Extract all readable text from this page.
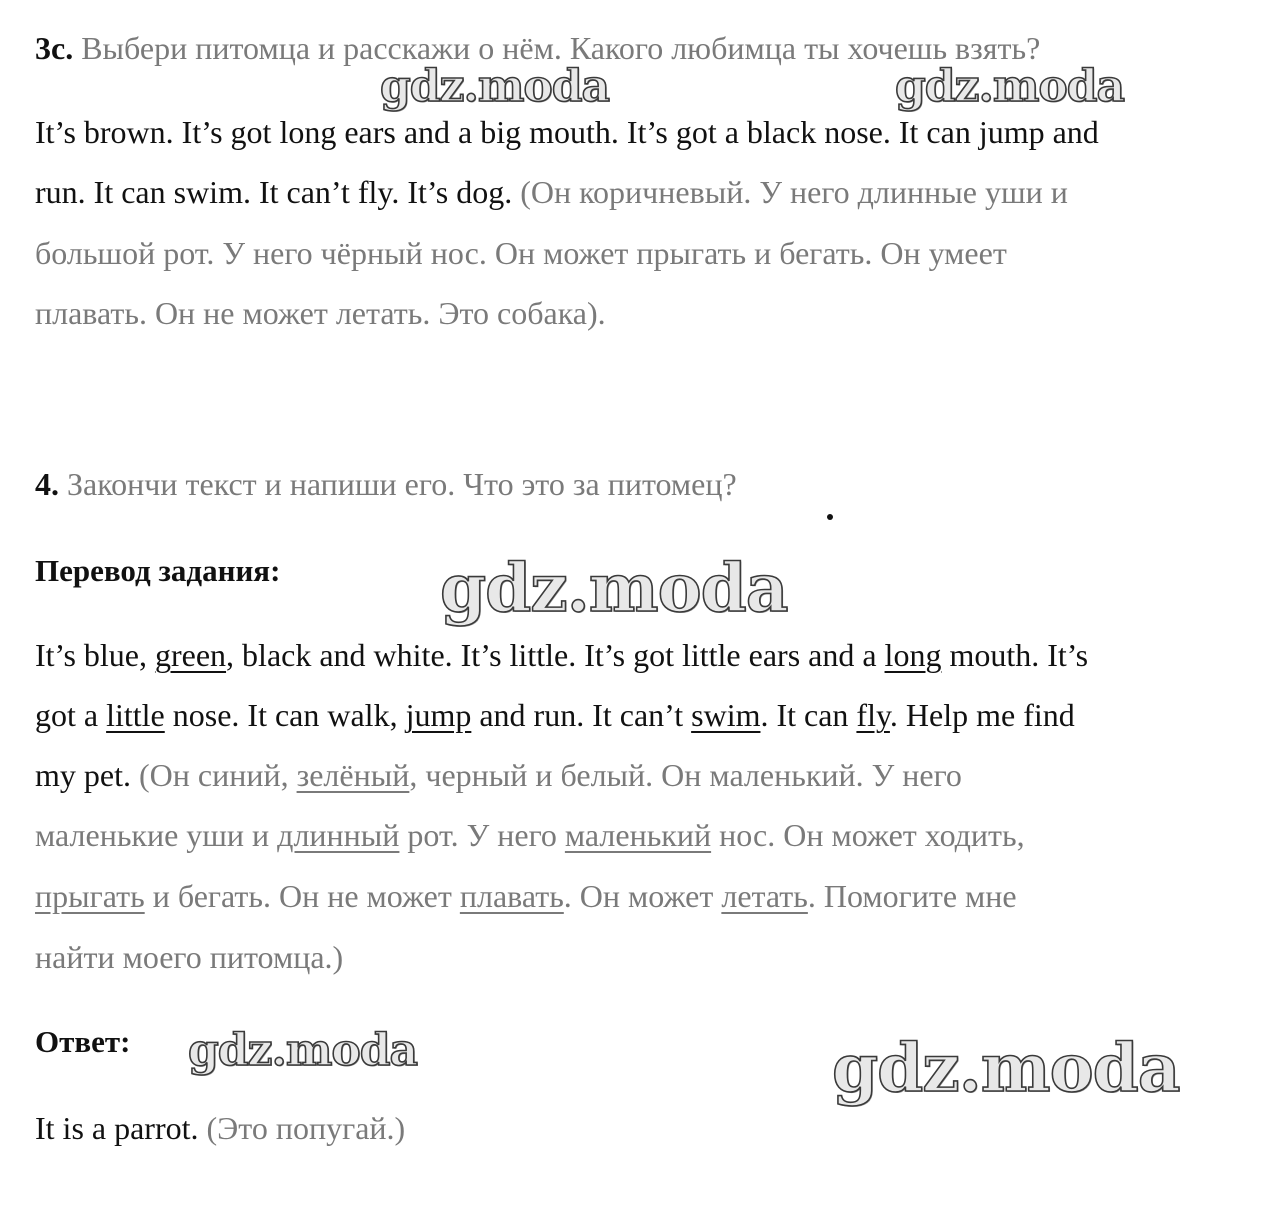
3c. Выбери питомца и расскажи о нём. Какого любимца ты хочешь взять?
It’s brown. It’s got long ears and a big mouth. It’s got a black nose. It can jump and
run. It can swim. It can’t fly. It’s dog. (Он коричневый. У него длинные уши и
большой рот. У него чёрный нос. Он может прыгать и бегать. Он умеет
плавать. Он не может летать. Это собака).
4. Закончи текст и напиши его. Что это за питомец?
Перевод задания:
It’s blue, green, black and white. It’s little. It’s got little ears and a long mouth. It’s
got a little nose. It can walk, jump and run. It can’t swim. It can fly. Help me find
my pet. (Он синий, зелёный, черный и белый. Он маленький. У него
маленькие уши и длинный рот. У него маленький нос. Он может ходить,
прыгать и бегать. Он не может плавать. Он может летать. Помогите мне
найти моего питомца.)
Ответ:
It is a parrot. (Это попугай.)
gdz.moda	gdz.moda
gdz.moda
gdz.moda	gdz.moda
